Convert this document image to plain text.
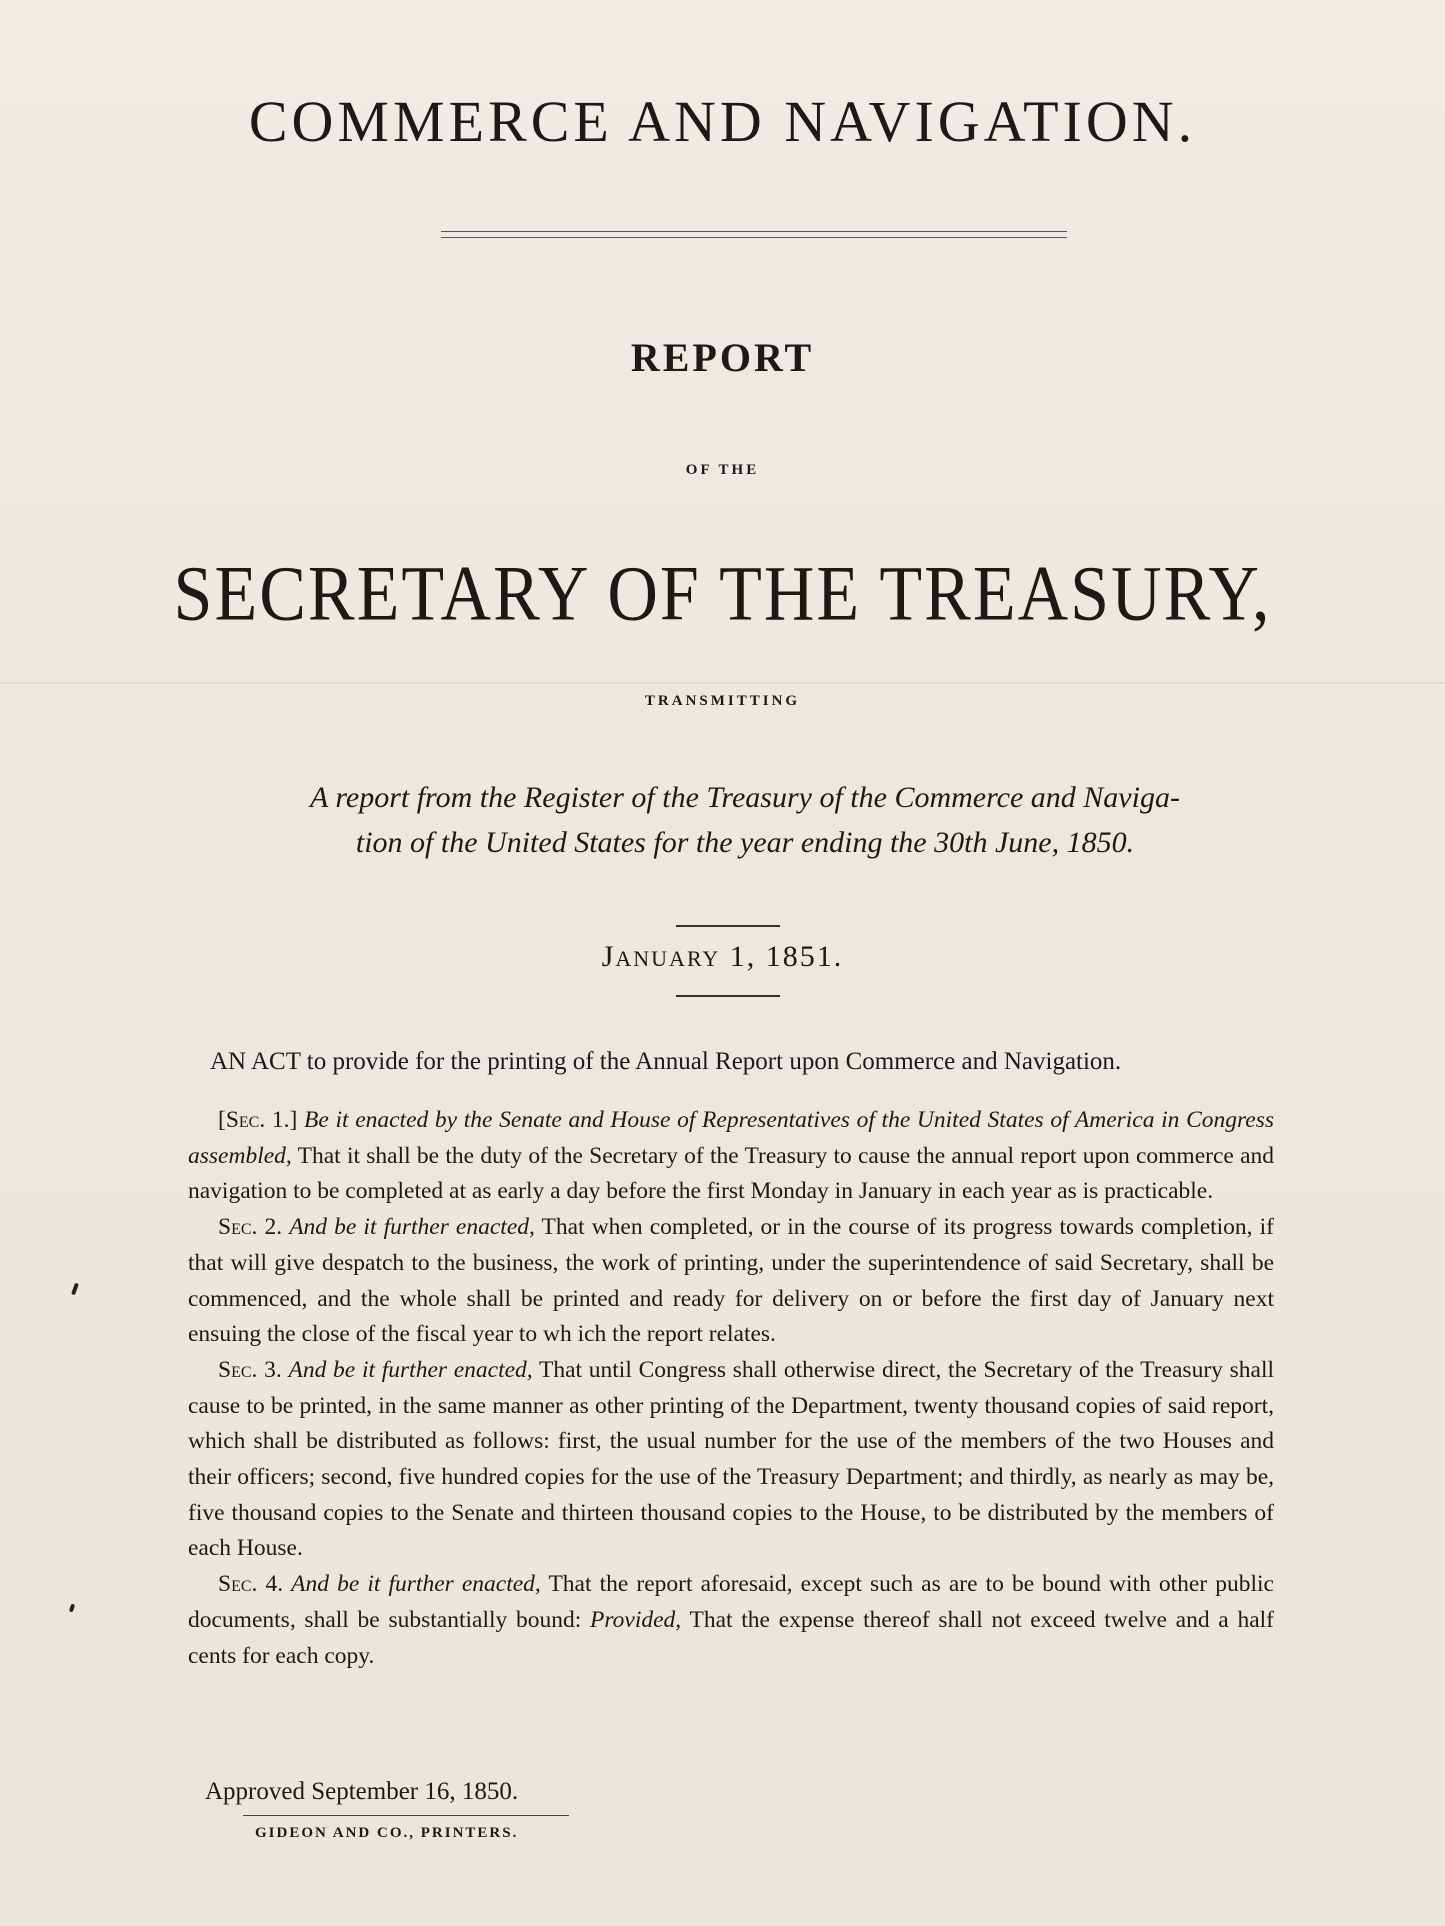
COMMERCE AND NAVIGATION.
REPORT
OF THE
SECRETARY OF THE TREASURY,
TRANSMITTING
A report from the Register of the Treasury of the Commerce and Naviga-
tion of the United States for the year ending the 30th June, 1850.
JANUARY 1, 1851.
AN ACT to provide for the printing of the Annual Report upon Commerce and Navigation.

[Sec. 1.] Be it enacted by the Senate and House of Representatives of the United States of America in Congress assembled, That it shall be the duty of the Secretary of the Treasury to cause the annual report upon commerce and navigation to be completed at as early a day before the first Monday in January in each year as is practicable.

Sec. 2. And be it further enacted, That when completed, or in the course of its progress towards completion, if that will give despatch to the business, the work of printing, under the superintendence of said Secretary, shall be commenced, and the whole shall be printed and ready for delivery on or before the first day of January next ensuing the close of the fiscal year to wh ich the report relates.

Sec. 3. And be it further enacted, That until Congress shall otherwise direct, the Secretary of the Treasury shall cause to be printed, in the same manner as other printing of the Department, twenty thousand copies of said report, which shall be distributed as follows: first, the usual number for the use of the members of the two Houses and their officers; second, five hundred copies for the use of the Treasury Department; and thirdly, as nearly as may be, five thousand copies to the Senate and thirteen thousand copies to the House, to be distributed by the members of each House.

Sec. 4. And be it further enacted, That the report aforesaid, except such as are to be bound with other public documents, shall be substantially bound: Provided, That the expense thereof shall not exceed twelve and a half cents for each copy.

Approved September 16, 1850.
GIDEON AND CO., PRINTERS.
